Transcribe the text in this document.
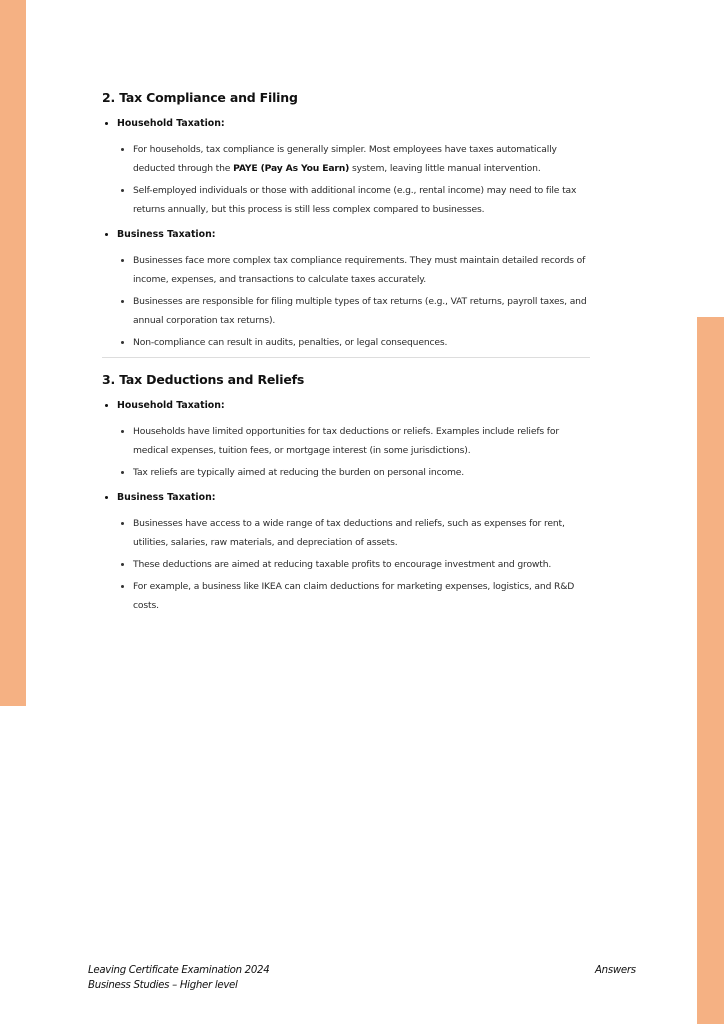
2. Tax Compliance and Filing
Household Taxation:
For households, tax compliance is generally simpler. Most employees have taxes automatically deducted through the PAYE (Pay As You Earn) system, leaving little manual intervention.
Self-employed individuals or those with additional income (e.g., rental income) may need to file tax returns annually, but this process is still less complex compared to businesses.
Business Taxation:
Businesses face more complex tax compliance requirements. They must maintain detailed records of income, expenses, and transactions to calculate taxes accurately.
Businesses are responsible for filing multiple types of tax returns (e.g., VAT returns, payroll taxes, and annual corporation tax returns).
Non-compliance can result in audits, penalties, or legal consequences.
3. Tax Deductions and Reliefs
Household Taxation:
Households have limited opportunities for tax deductions or reliefs. Examples include reliefs for medical expenses, tuition fees, or mortgage interest (in some jurisdictions).
Tax reliefs are typically aimed at reducing the burden on personal income.
Business Taxation:
Businesses have access to a wide range of tax deductions and reliefs, such as expenses for rent, utilities, salaries, raw materials, and depreciation of assets.
These deductions are aimed at reducing taxable profits to encourage investment and growth.
For example, a business like IKEA can claim deductions for marketing expenses, logistics, and R&D costs.
Leaving Certificate Examination 2024
Business Studies – Higher level
Answers
